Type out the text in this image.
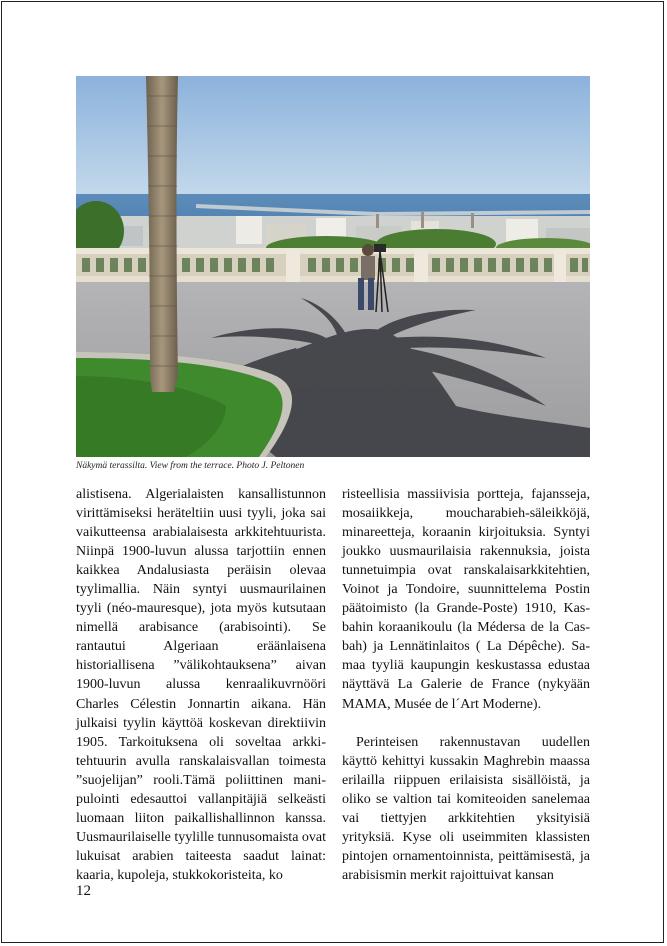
Näkymä terassilta. View from the terrace. Photo J. Peltonen

alistisena. Algerialaisten kansallistunnon virittämiseksi heräteltiin uusi tyyli, joka sai vaikutteensa arabialaisesta arkkitehtuurista. Niinpä 1900-luvun alussa tarjottiin ennen kaikkea Andalusiasta peräisin olevaa tyylimallia. Näin syntyi uusmaurilainen tyyli (néo-mauresque), jota myös kutsutaan nimellä arabisance (arabisointi). Se rantautui Algeriaan eräänlaisena historiallisena ”välikohtauksena” aivan 1900-luvun alussa kenraalikuvrnööri Charles Célestin Jonnartin aikana. Hän julkaisi tyylin käyttöä koskevan direktiivin 1905. Tarkoituksena oli soveltaa arkkitehtuurin avulla ranskalaisvallan toimesta ”suojelijan” rooli.Tämä poliittinen manipulointi edesauttoi vallanpitäjiä selkeästi luomaan liiton paikallishallinnon kanssa. Uusmaurilaiselle tyylille tunnusomaista ovat lukuisat arabien taiteesta saadut lainat: kaaria, kupoleja, stukkokoristeita, ko

risteellisia massiivisia portteja, fajansseja, mosaiikkeja, moucharabieh-säleikköjä, minareetteja, koraanin kirjoituksia. Syntyi joukko uusmaurilaisia rakennuksia, joista tunnetuimpia ovat ranskalaisarkkitehtien, Voinot ja Tondoire, suunnittelema Postin päätoimisto (la Grande-Poste) 1910, Kasbahin koraanikoulu (la Médersa de la Casbah) ja Lennätinlaitos ( La Dépêche). Samaa tyyliä kaupungin keskustassa edustaa näyttävä La Galerie de France (nykyään MAMA, Musée de l´Art Moderne).

Perinteisen rakennustavan uudellen käyttö kehittyi kussakin Maghrebin maassa erilailla riippuen erilaisista sisällöistä, ja oliko se valtion tai komiteoiden sanelemaa vai tiettyjen arkkitehtien yksityisiä yrityksiä. Kyse oli useimmiten klassisten pintojen ornamentoinnista, peittämisestä, ja arabisismin merkit rajoittuivat kansan

12
